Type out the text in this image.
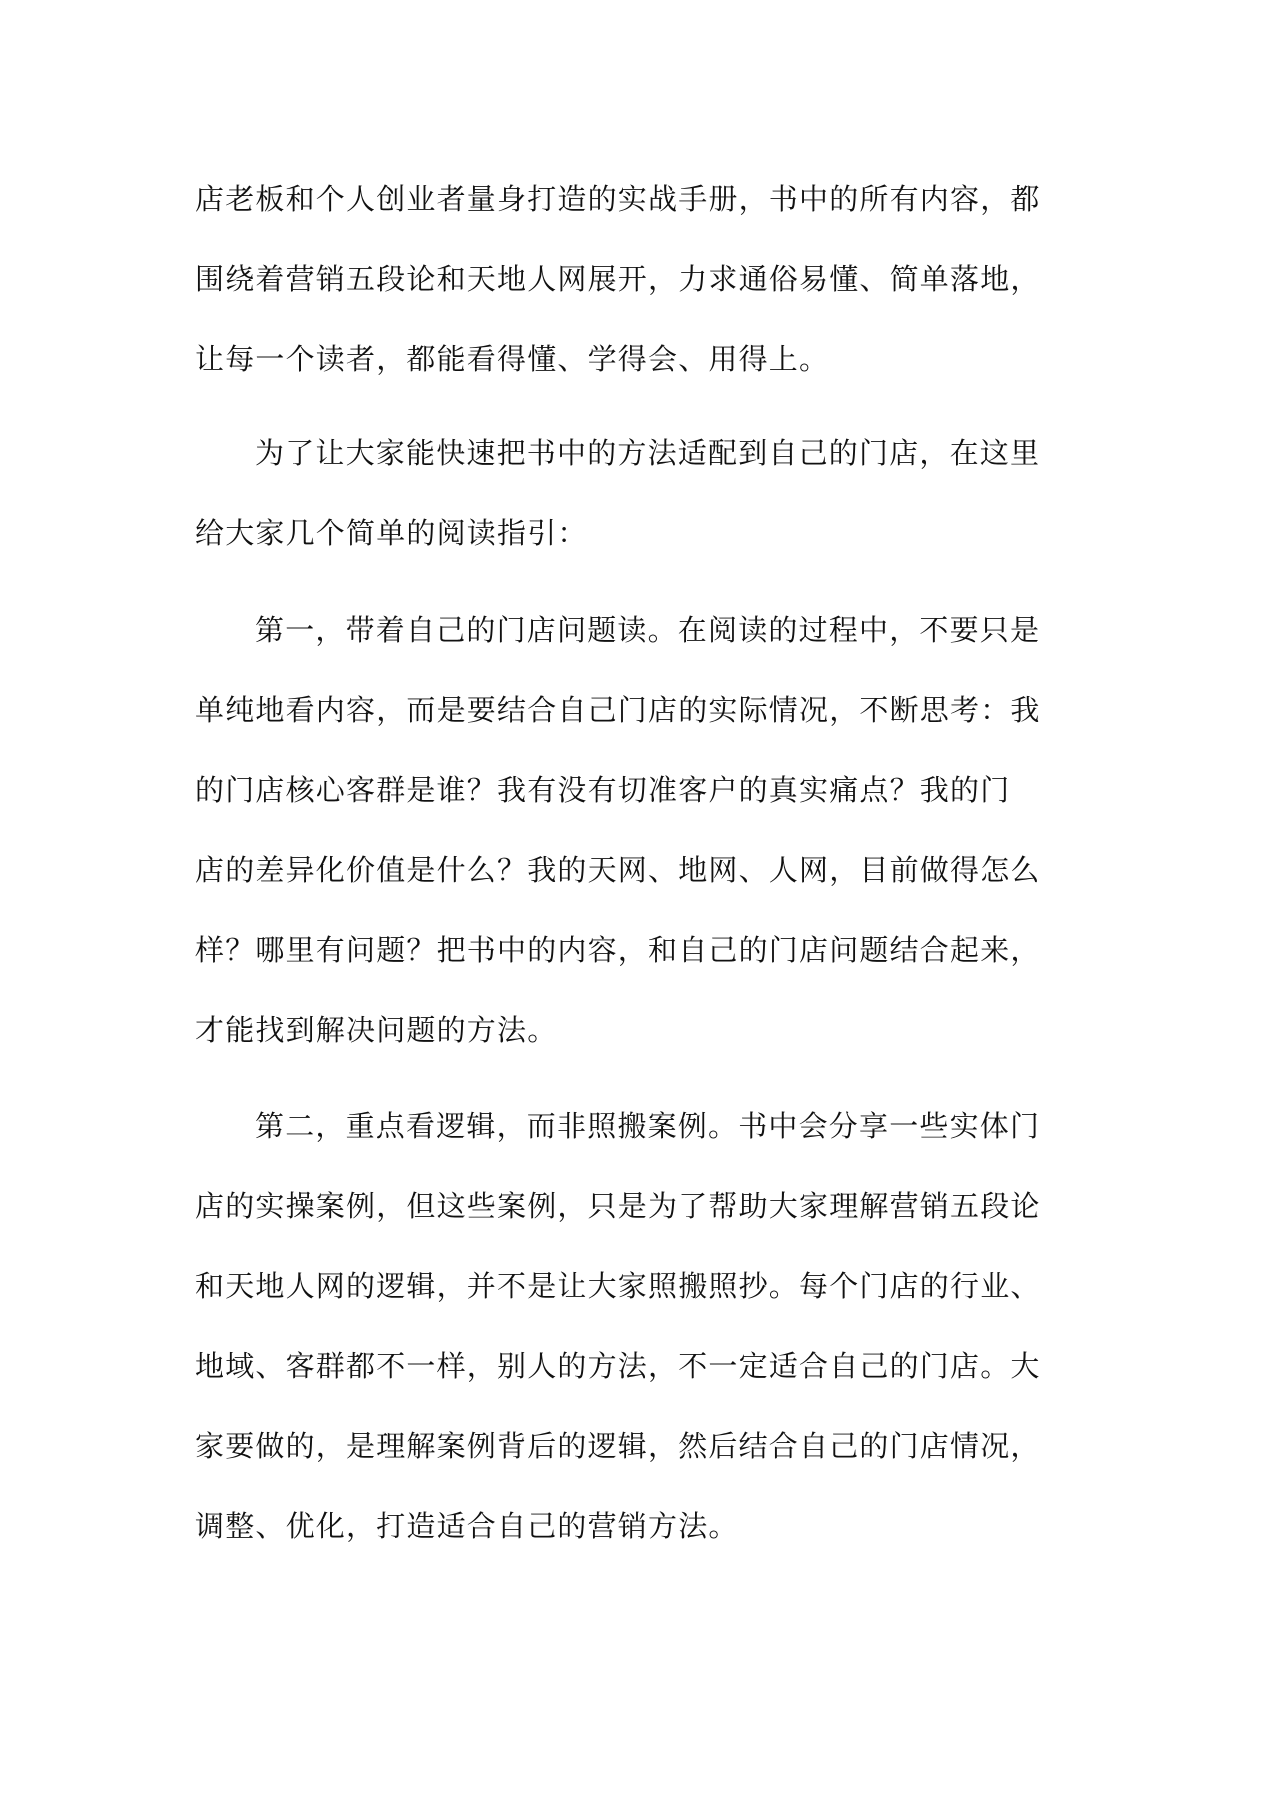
店老板和个人创业者量身打造的实战手册，书中的所有内容，都
围绕着营销五段论和天地人网展开，力求通俗易懂、简单落地，
让每一个读者，都能看得懂、学得会、用得上。
为了让大家能快速把书中的方法适配到自己的门店，在这里
给大家几个简单的阅读指引：
第一，带着自己的门店问题读。在阅读的过程中，不要只是
单纯地看内容，而是要结合自己门店的实际情况，不断思考：我
的门店核心客群是谁？我有没有切准客户的真实痛点？我的门
店的差异化价值是什么？我的天网、地网、人网，目前做得怎么
样？哪里有问题？把书中的内容，和自己的门店问题结合起来，
才能找到解决问题的方法。
第二，重点看逻辑，而非照搬案例。书中会分享一些实体门
店的实操案例，但这些案例，只是为了帮助大家理解营销五段论
和天地人网的逻辑，并不是让大家照搬照抄。每个门店的行业、
地域、客群都不一样，别人的方法，不一定适合自己的门店。大
家要做的，是理解案例背后的逻辑，然后结合自己的门店情况，
调整、优化，打造适合自己的营销方法。
